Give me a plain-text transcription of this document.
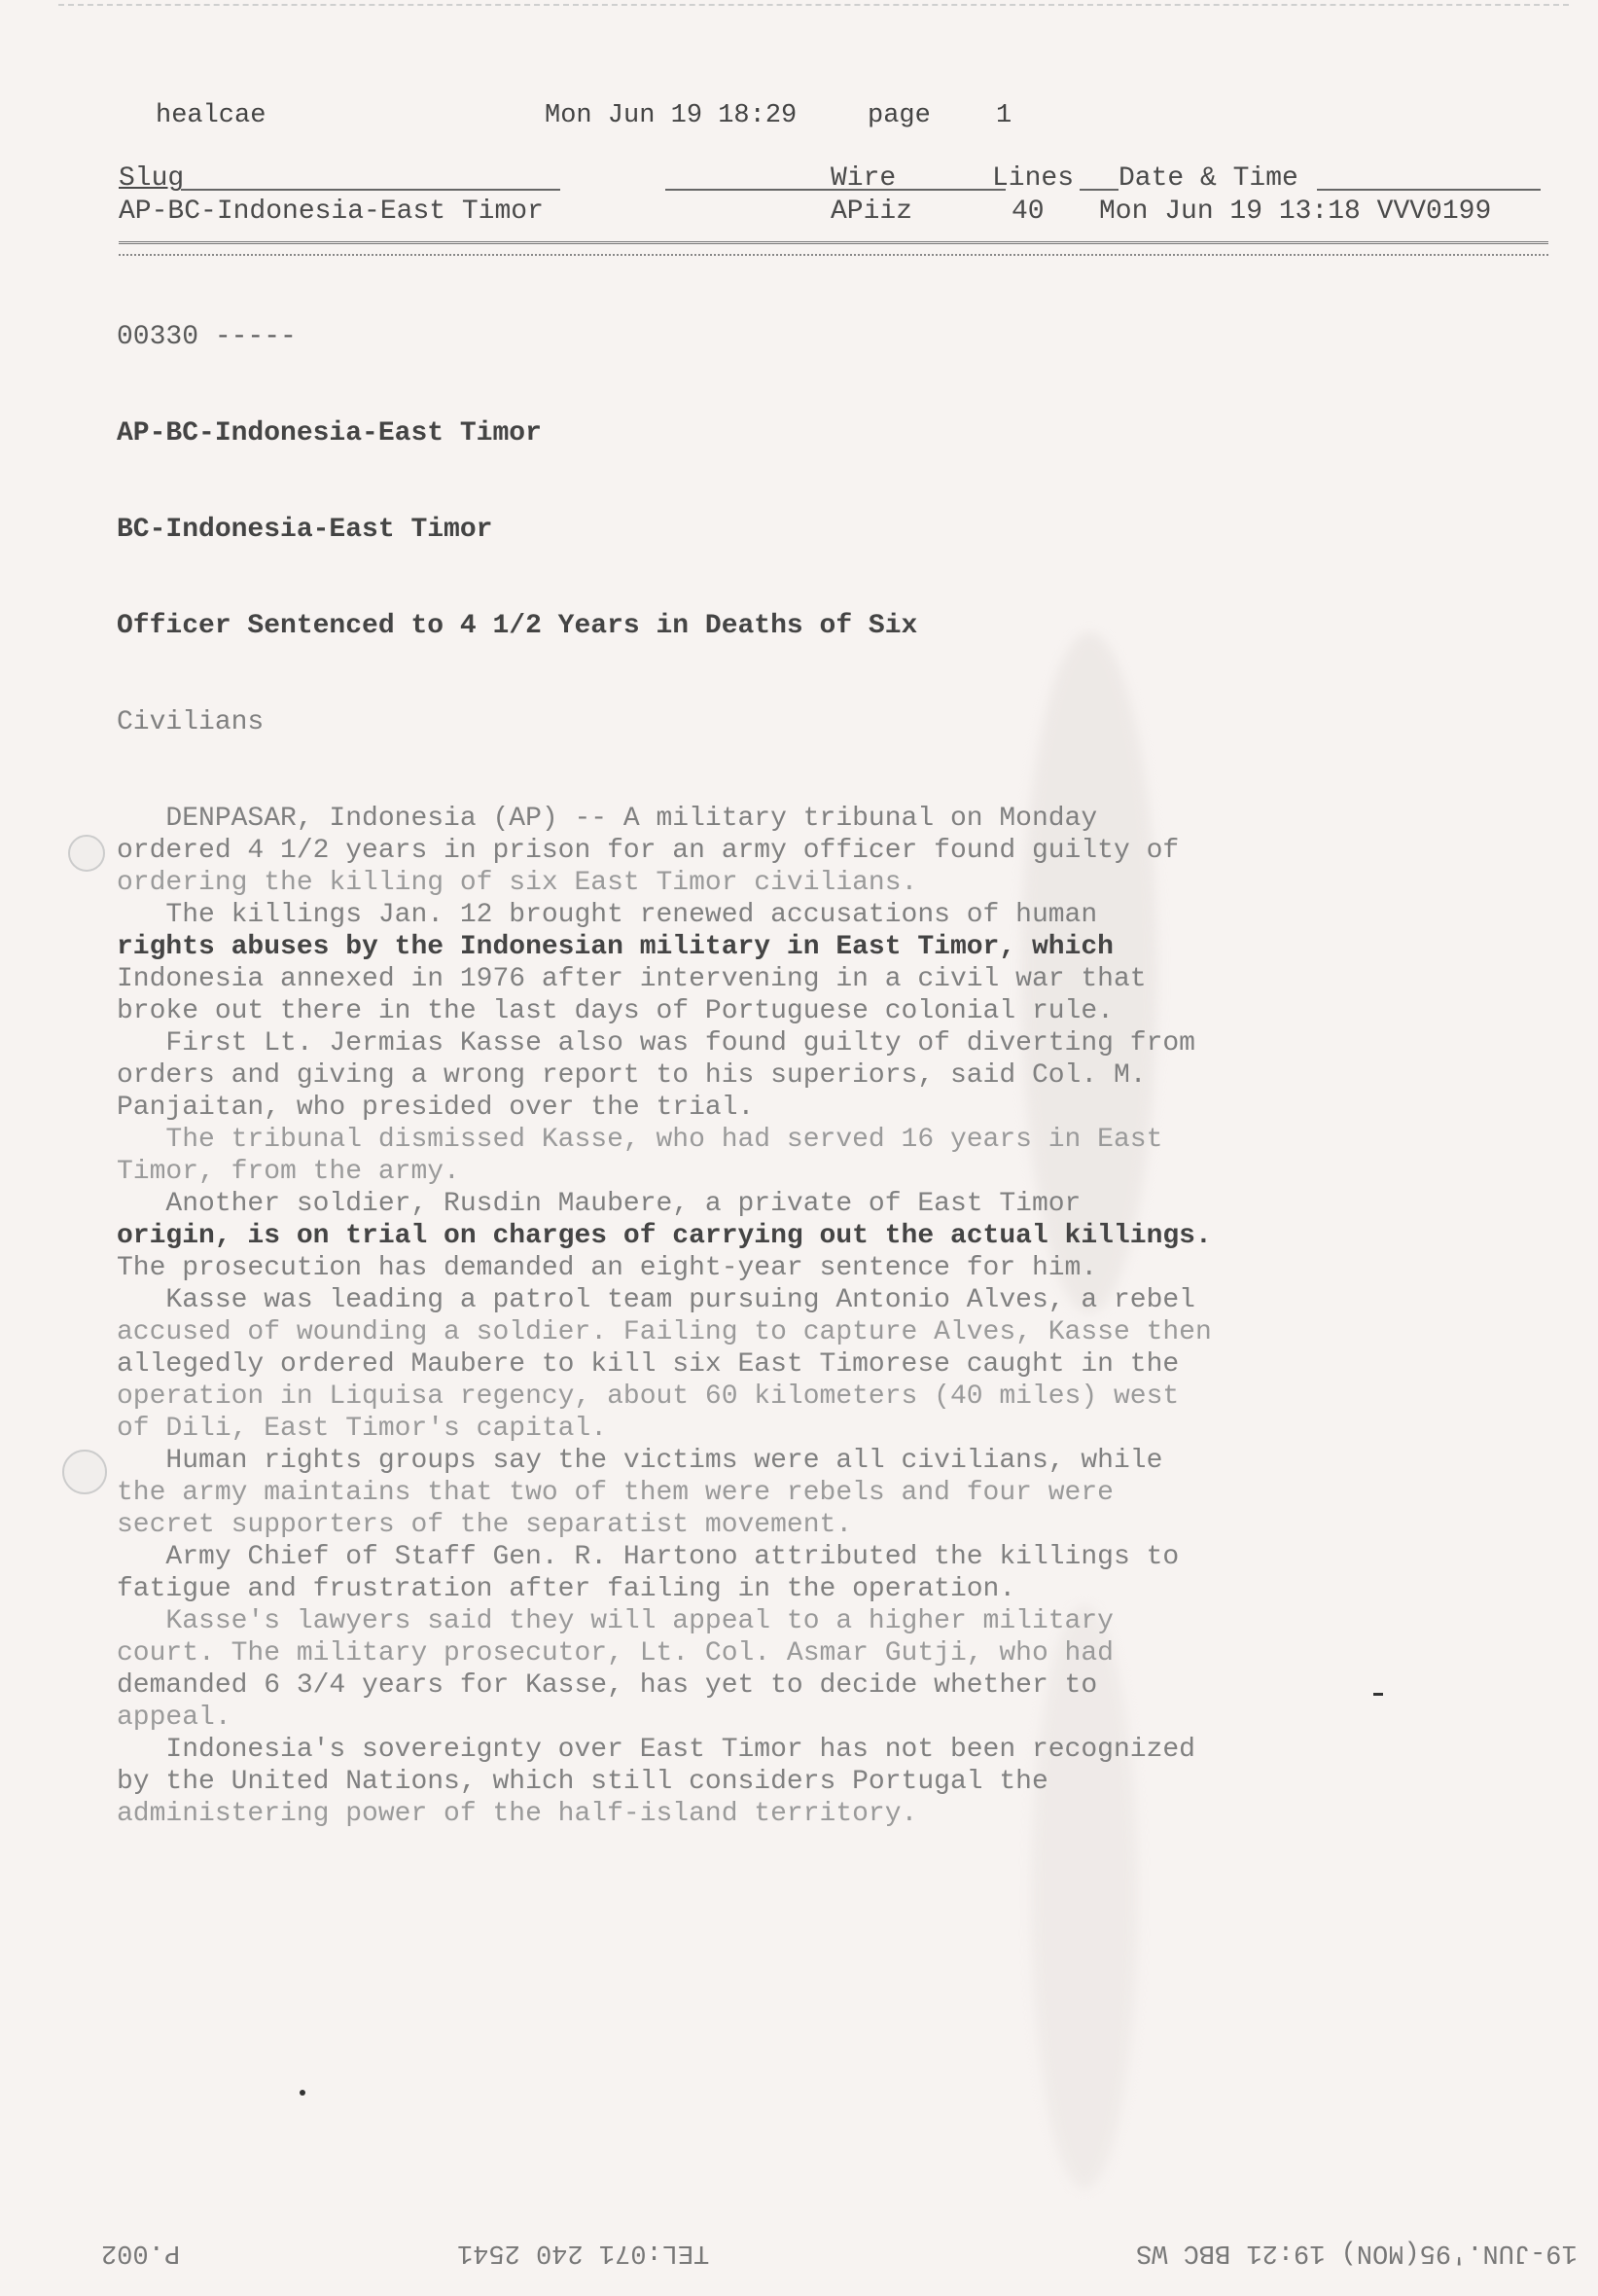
healcae	Mon Jun 19 18:29	page 1
Slug	Wire	Lines Date & Time
AP-BC-Indonesia-East Timor	APiiz	40 Mon Jun 19 13:18 VVV0199

00330 -----

AP-BC-Indonesia-East Timor

BC-Indonesia-East Timor

Officer Sentenced to 4 1/2 Years in Deaths of Six

Civilians

DENPASAR, Indonesia (AP) -- A military tribunal on Monday
ordered 4 1/2 years in prison for an army officer found guilty of
ordering the killing of six East Timor civilians.
The killings Jan. 12 brought renewed accusations of human
rights abuses by the Indonesian military in East Timor, which
Indonesia annexed in 1976 after intervening in a civil war that
broke out there in the last days of Portuguese colonial rule.
First Lt. Jermias Kasse also was found guilty of diverting from
orders and giving a wrong report to his superiors, said Col. M.
Panjaitan, who presided over the trial.
The tribunal dismissed Kasse, who had served 16 years in East
Timor, from the army.
Another soldier, Rusdin Maubere, a private of East Timor
origin, is on trial on charges of carrying out the actual killings.
The prosecution has demanded an eight-year sentence for him.
Kasse was leading a patrol team pursuing Antonio Alves, a rebel
accused of wounding a soldier. Failing to capture Alves, Kasse then
allegedly ordered Maubere to kill six East Timorese caught in the
operation in Liquisa regency, about 60 kilometers (40 miles) west
of Dili, East Timor's capital.
Human rights groups say the victims were all civilians, while
the army maintains that two of them were rebels and four were
secret supporters of the separatist movement.
Army Chief of Staff Gen. R. Hartono attributed the killings to
fatigue and frustration after failing in the operation.
Kasse's lawyers said they will appeal to a higher military
court. The military prosecutor, Lt. Col. Asmar Gutji, who had
demanded 6 3/4 years for Kasse, has yet to decide whether to
appeal.
Indonesia's sovereignty over East Timor has not been recognized
by the United Nations, which still considers Portugal the
administering power of the half-island territory.

19-JUN.'95(MON) 19:21 BBC WS
TEL:071 240 2541
P.002
